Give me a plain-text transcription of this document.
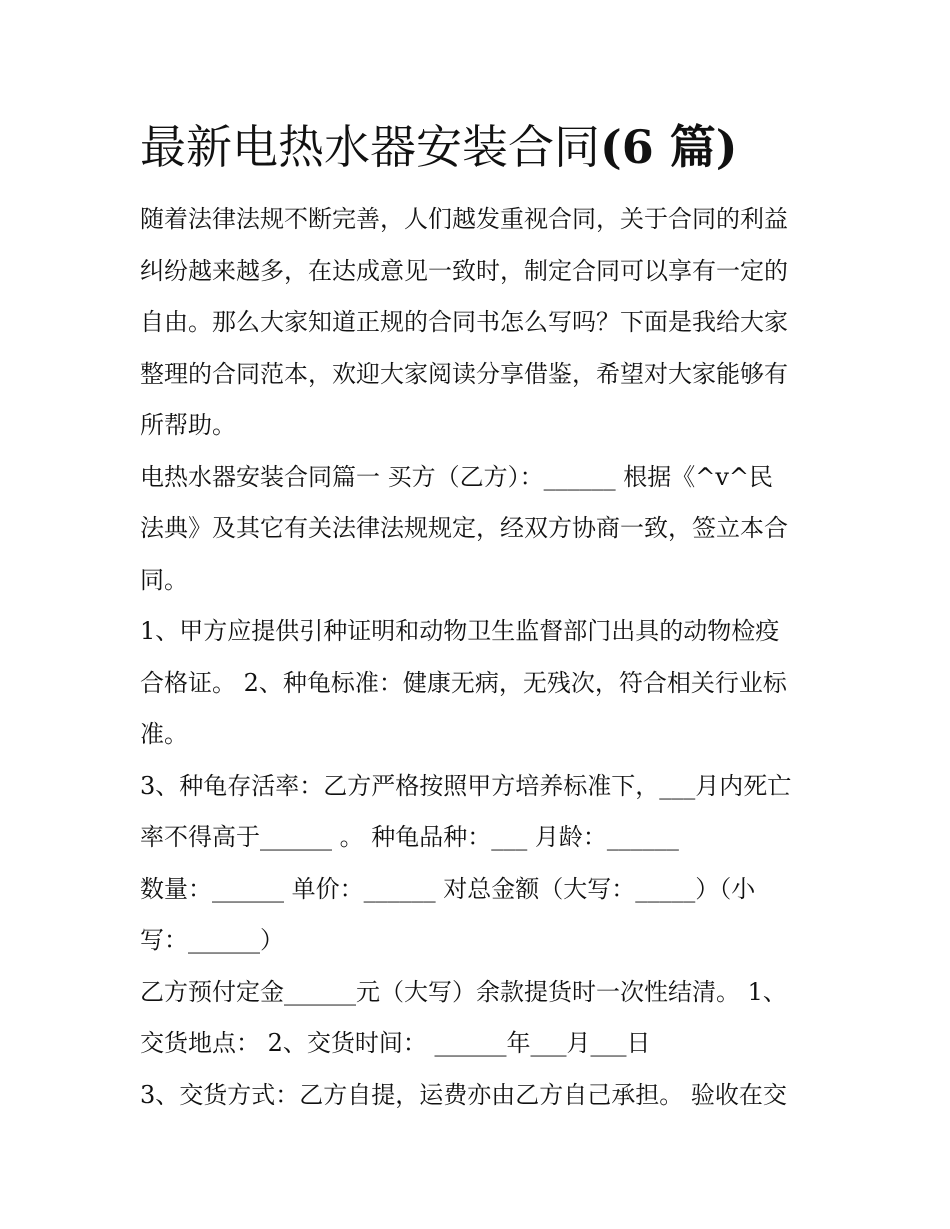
最新电热水器安装合同(6 篇)

随着法律法规不断完善，人们越发重视合同，关于合同的利益
纠纷越来越多，在达成意见一致时，制定合同可以享有一定的
自由。那么大家知道正规的合同书怎么写吗？下面是我给大家
整理的合同范本，欢迎大家阅读分享借鉴，希望对大家能够有
所帮助。

电热水器安装合同篇一 买方（乙方）：______ 根据《^v^民
法典》及其它有关法律法规规定，经双方协商一致，签立本合
同。

1、甲方应提供引种证明和动物卫生监督部门出具的动物检疫
合格证。 2、种龟标准：健康无病，无残次，符合相关行业标
准。

3、种龟存活率：乙方严格按照甲方培养标准下，___月内死亡
率不得高于______ 。 种龟品种：___ 月龄：______
数量：______ 单价：______ 对总金额（大写：_____）（小
写：______）

乙方预付定金______元（大写）余款提货时一次性结清。 1、
交货地点： 2、交货时间： ______年___月___日

3、交货方式：乙方自提，运费亦由乙方自己承担。 验收在交
